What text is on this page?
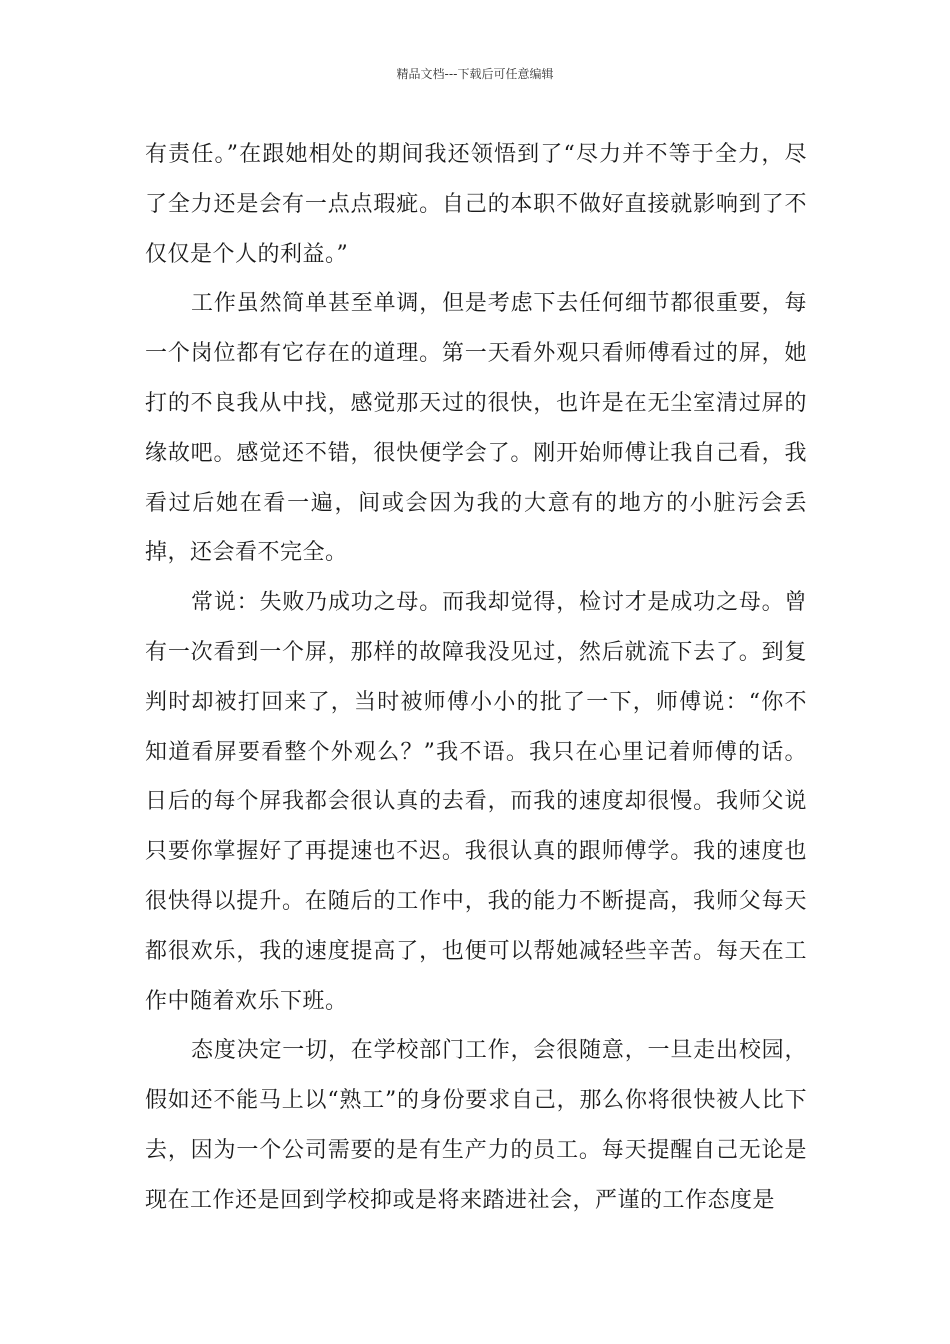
精品文档---下载后可任意编辑

有责任。”在跟她相处的期间我还领悟到了“尽力并不等于全力，尽了全力还是会有一点点瑕疵。自己的本职不做好直接就影响到了不仅仅是个人的利益。”

工作虽然简单甚至单调，但是考虑下去任何细节都很重要，每一个岗位都有它存在的道理。第一天看外观只看师傅看过的屏，她打的不良我从中找，感觉那天过的很快，也许是在无尘室清过屏的缘故吧。感觉还不错，很快便学会了。刚开始师傅让我自己看，我看过后她在看一遍，间或会因为我的大意有的地方的小脏污会丢掉，还会看不完全。

常说：失败乃成功之母。而我却觉得，检讨才是成功之母。曾有一次看到一个屏，那样的故障我没见过，然后就流下去了。到复判时却被打回来了，当时被师傅小小的批了一下，师傅说：“你不知道看屏要看整个外观么？”我不语。我只在心里记着师傅的话。日后的每个屏我都会很认真的去看，而我的速度却很慢。我师父说只要你掌握好了再提速也不迟。我很认真的跟师傅学。我的速度也很快得以提升。在随后的工作中，我的能力不断提高，我师父每天都很欢乐，我的速度提高了，也便可以帮她减轻些辛苦。每天在工作中随着欢乐下班。

态度决定一切，在学校部门工作，会很随意，一旦走出校园，假如还不能马上以“熟工”的身份要求自己，那么你将很快被人比下去，因为一个公司需要的是有生产力的员工。每天提醒自己无论是现在工作还是回到学校抑或是将来踏进社会，严谨的工作态度是
